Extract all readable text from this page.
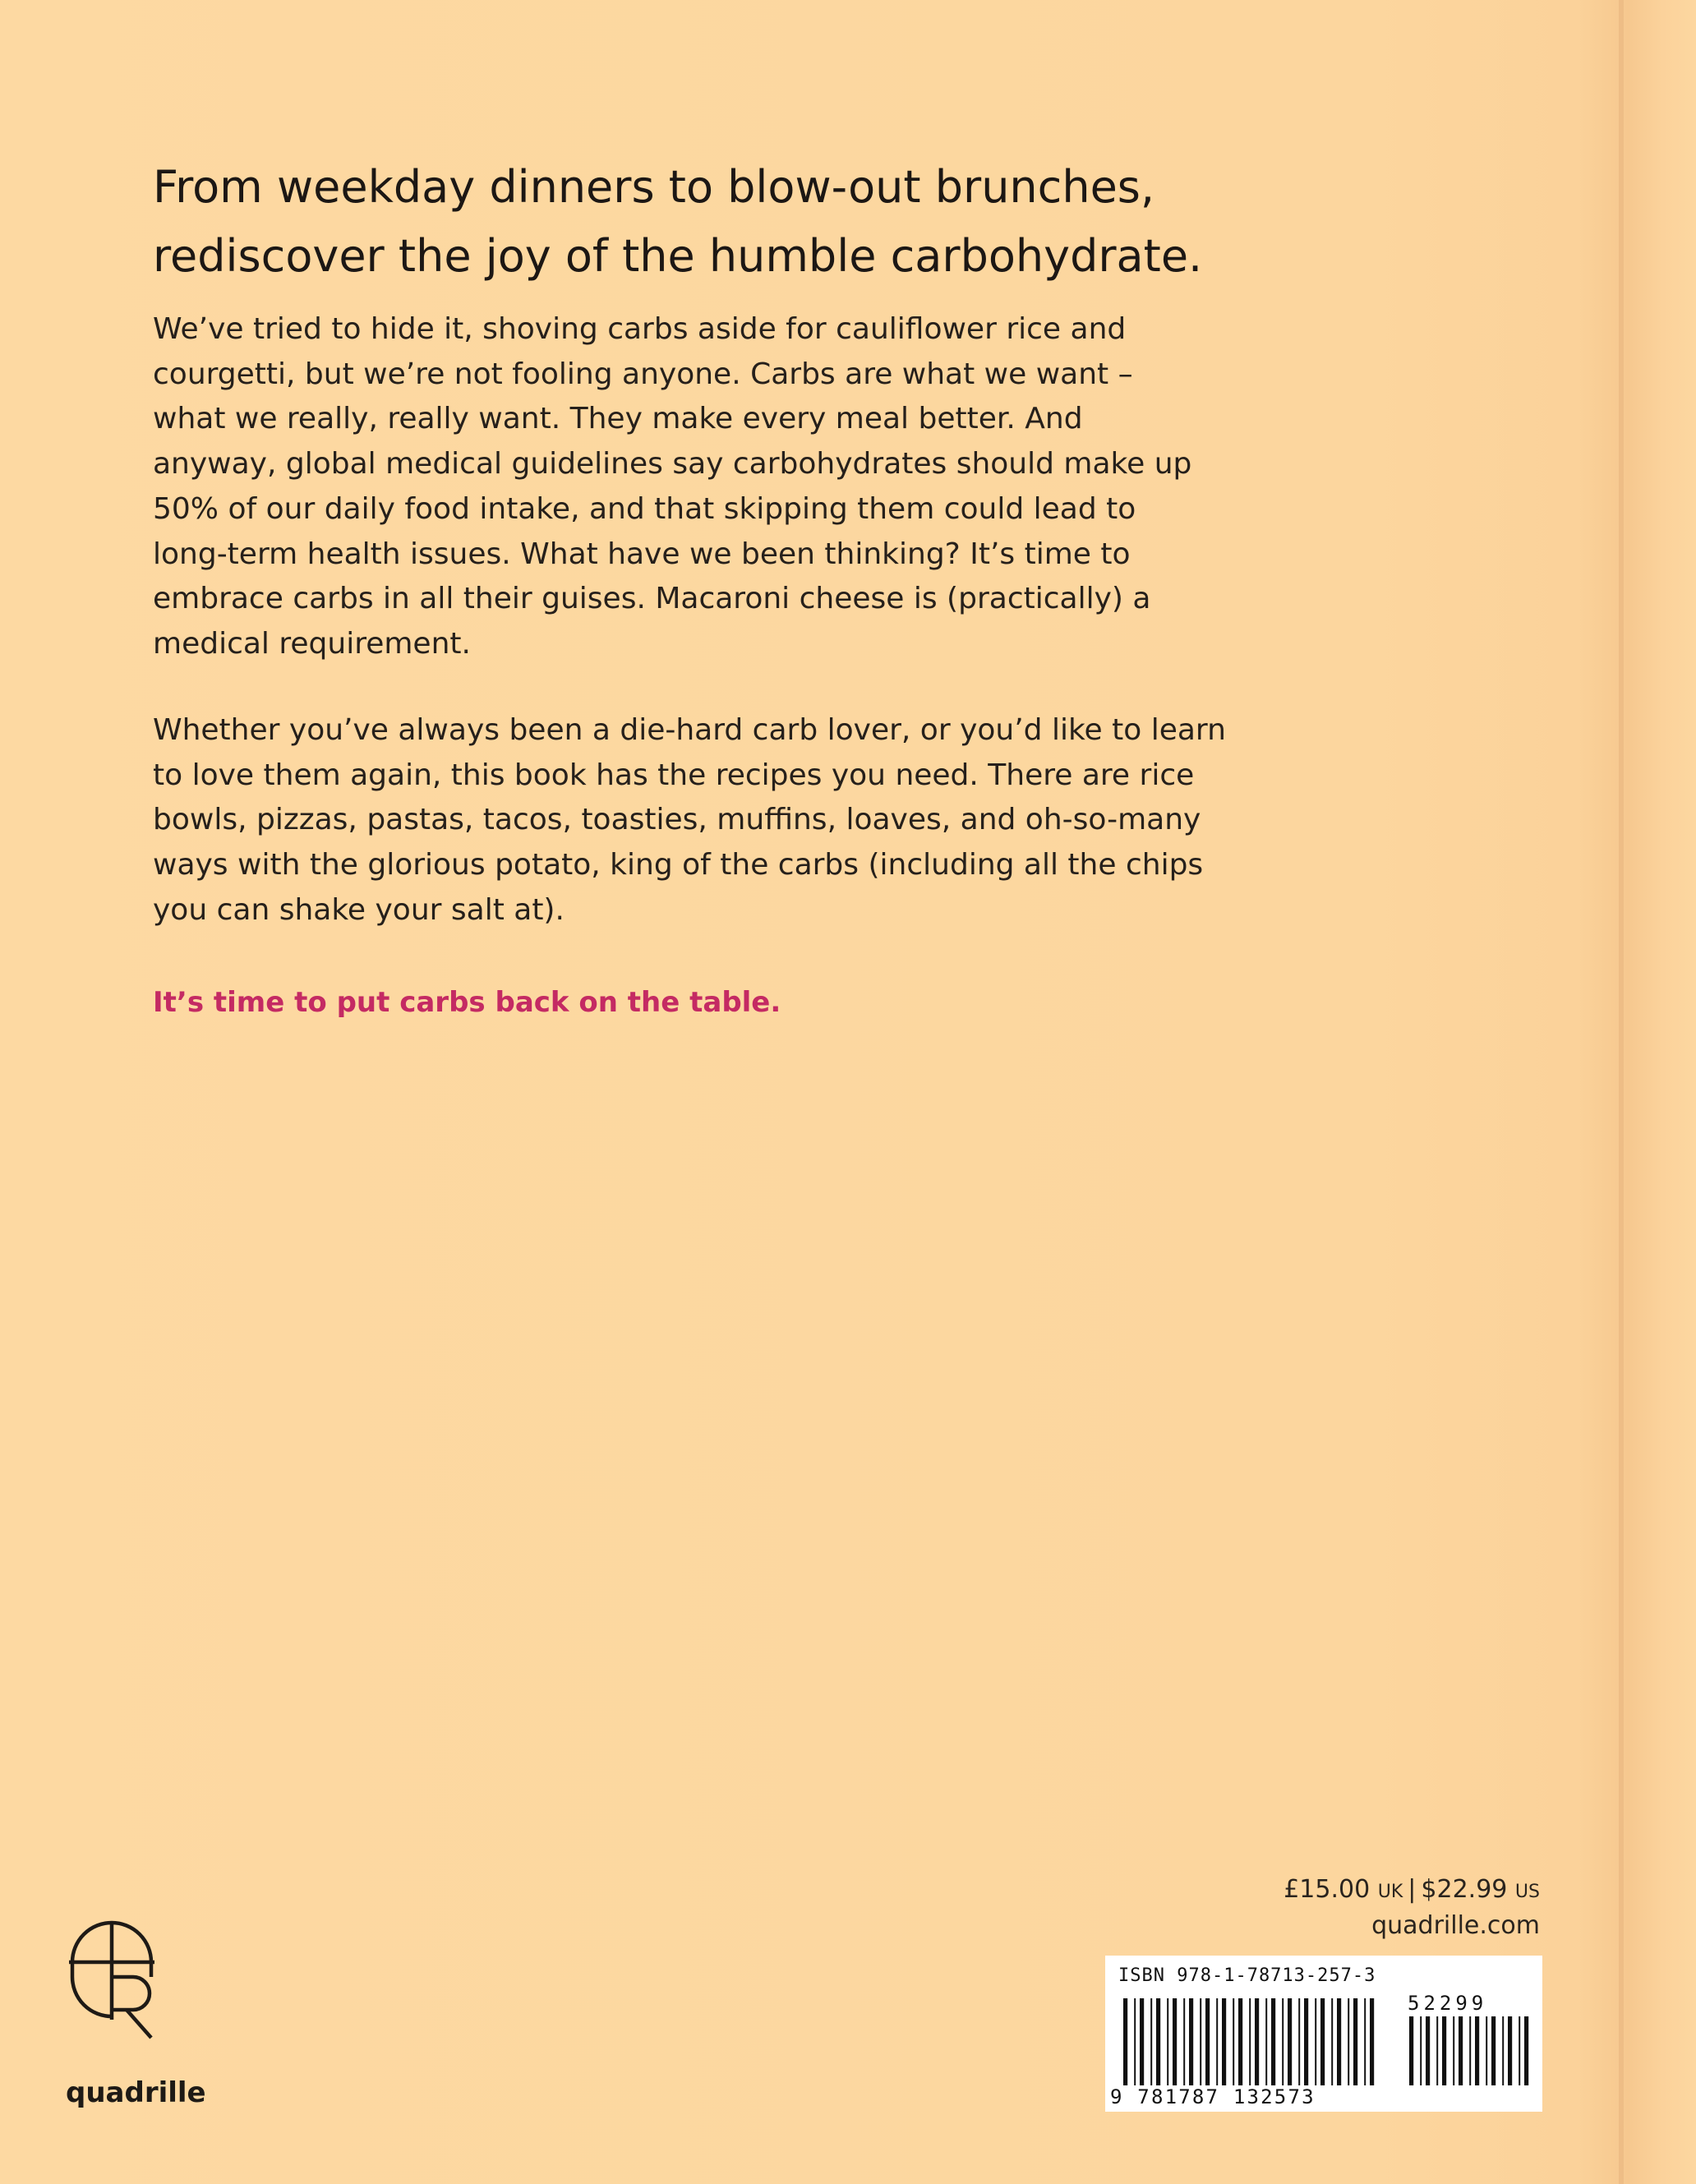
From weekday dinners to blow-out brunches,
rediscover the joy of the humble carbohydrate.

We’ve tried to hide it, shoving carbs aside for cauliflower rice and
courgetti, but we’re not fooling anyone. Carbs are what we want –
what we really, really want. They make every meal better. And
anyway, global medical guidelines say carbohydrates should make up
50% of our daily food intake, and that skipping them could lead to
long-term health issues. What have we been thinking? It’s time to
embrace carbs in all their guises. Macaroni cheese is (practically) a
medical requirement.

Whether you’ve always been a die-hard carb lover, or you’d like to learn
to love them again, this book has the recipes you need. There are rice
bowls, pizzas, pastas, tacos, toasties, muffins, loaves, and oh-so-many
ways with the glorious potato, king of the carbs (including all the chips
you can shake your salt at).

It’s time to put carbs back on the table.

£15.00 UK | $22.99 US
quadrille.com
ISBN 978-1-78713-257-3
9 781787 132573
52299
quadrille
